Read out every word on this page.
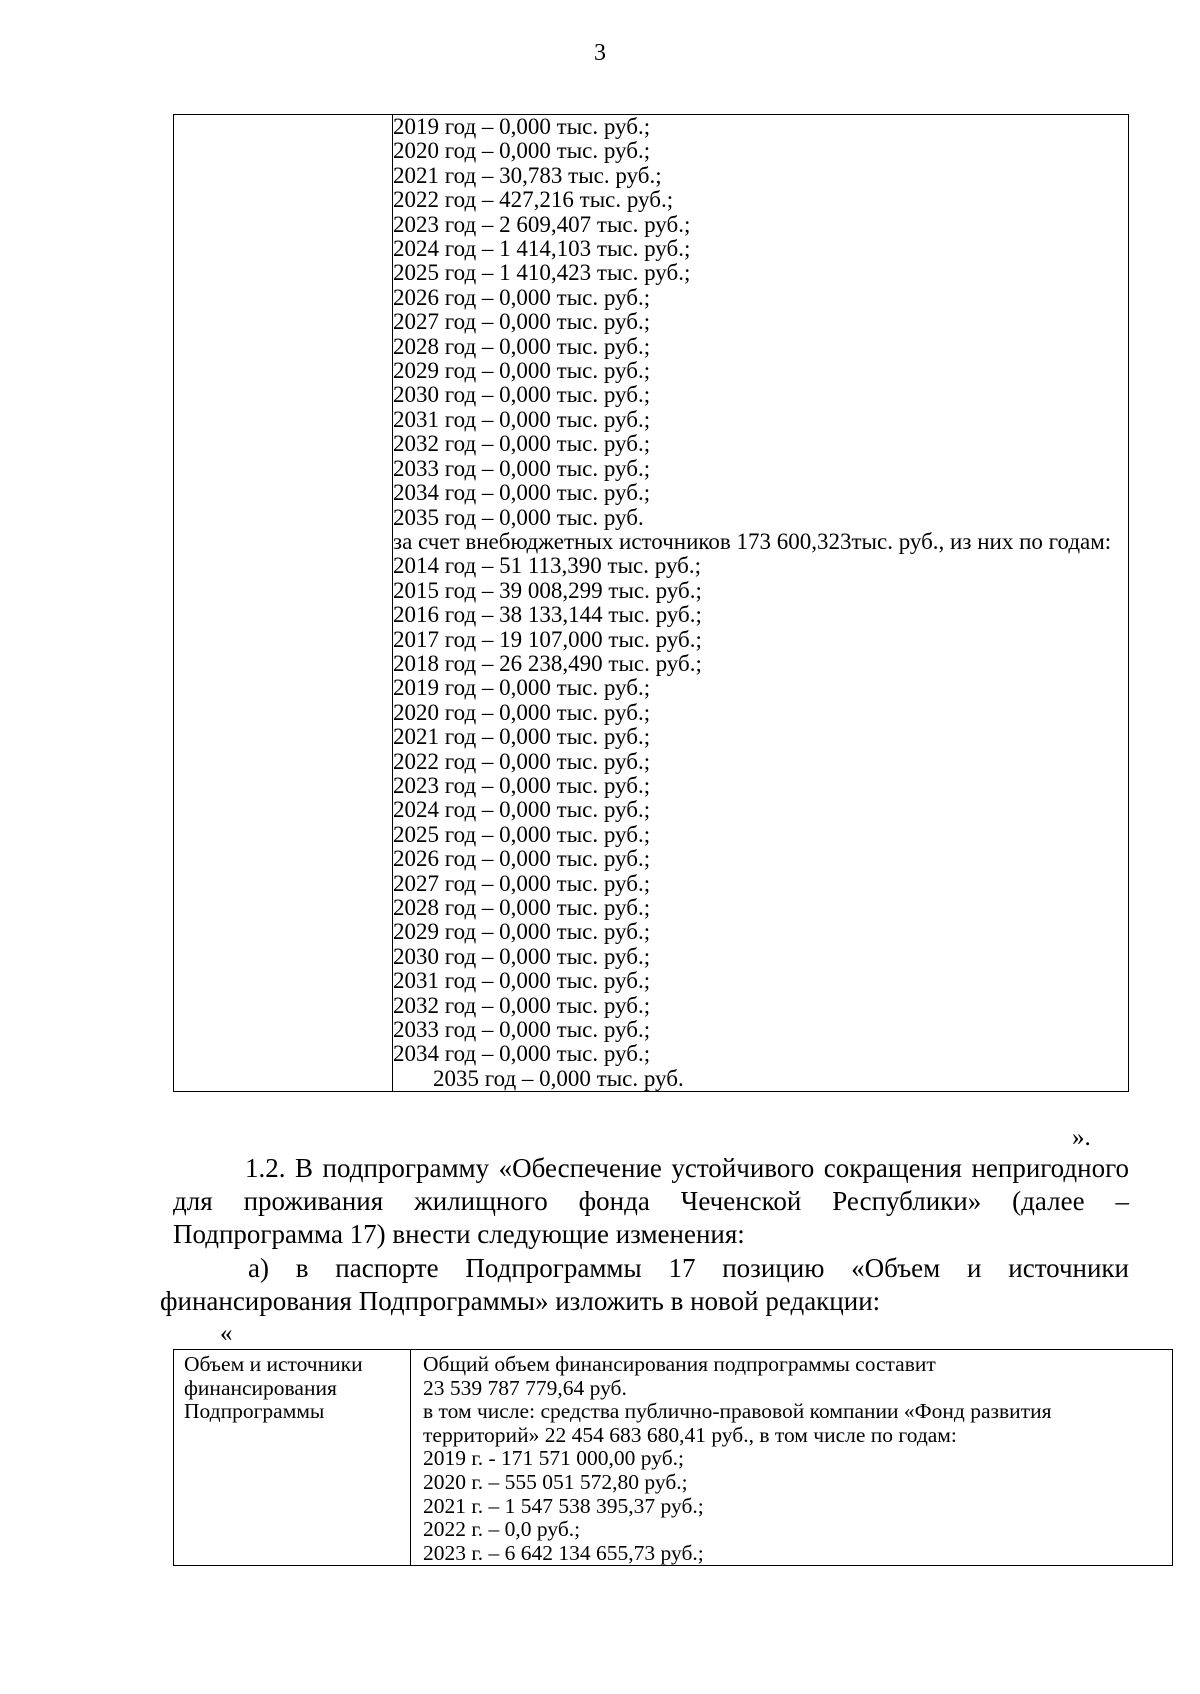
3

2019 год – 0,000 тыс. руб.;
2020 год – 0,000 тыс. руб.;
2021 год – 30,783 тыс. руб.;
2022 год – 427,216 тыс. руб.;
2023 год – 2 609,407 тыс. руб.;
2024 год – 1 414,103 тыс. руб.;
2025 год – 1 410,423 тыс. руб.;
2026 год – 0,000 тыс. руб.;
2027 год – 0,000 тыс. руб.;
2028 год – 0,000 тыс. руб.;
2029 год – 0,000 тыс. руб.;
2030 год – 0,000 тыс. руб.;
2031 год – 0,000 тыс. руб.;
2032 год – 0,000 тыс. руб.;
2033 год – 0,000 тыс. руб.;
2034 год – 0,000 тыс. руб.;
2035 год – 0,000 тыс. руб.
за счет внебюджетных источников 173 600,323тыс. руб., из них по годам:
2014 год – 51 113,390 тыс. руб.;
2015 год – 39 008,299 тыс. руб.;
2016 год – 38 133,144 тыс. руб.;
2017 год – 19 107,000 тыс. руб.;
2018 год – 26 238,490 тыс. руб.;
2019 год – 0,000 тыс. руб.;
2020 год – 0,000 тыс. руб.;
2021 год – 0,000 тыс. руб.;
2022 год – 0,000 тыс. руб.;
2023 год – 0,000 тыс. руб.;
2024 год – 0,000 тыс. руб.;
2025 год – 0,000 тыс. руб.;
2026 год – 0,000 тыс. руб.;
2027 год – 0,000 тыс. руб.;
2028 год – 0,000 тыс. руб.;
2029 год – 0,000 тыс. руб.;
2030 год – 0,000 тыс. руб.;
2031 год – 0,000 тыс. руб.;
2032 год – 0,000 тыс. руб.;
2033 год – 0,000 тыс. руб.;
2034 год – 0,000 тыс. руб.;
2035 год – 0,000 тыс. руб.
».
1.2. В подпрограмму «Обеспечение устойчивого сокращения непригодного для проживания жилищного фонда Чеченской Республики» (далее – Подпрограмма 17) внести следующие изменения:
а) в паспорте Подпрограммы 17 позицию «Объем и источники финансирования Подпрограммы» изложить в новой редакции:
«
Объем и источники финансирования Подпрограммы	
Общий объем финансирования подпрограммы составит
23 539 787 779,64 руб.
в том числе: средства публично-правовой компании «Фонд развития территорий» 22 454 683 680,41 руб., в том числе по годам:
2019 г. - 171 571 000,00 руб.;
2020 г. – 555 051 572,80 руб.;
2021 г. – 1 547 538 395,37 руб.;
2022 г. – 0,0 руб.;
2023 г. – 6 642 134 655,73 руб.;
